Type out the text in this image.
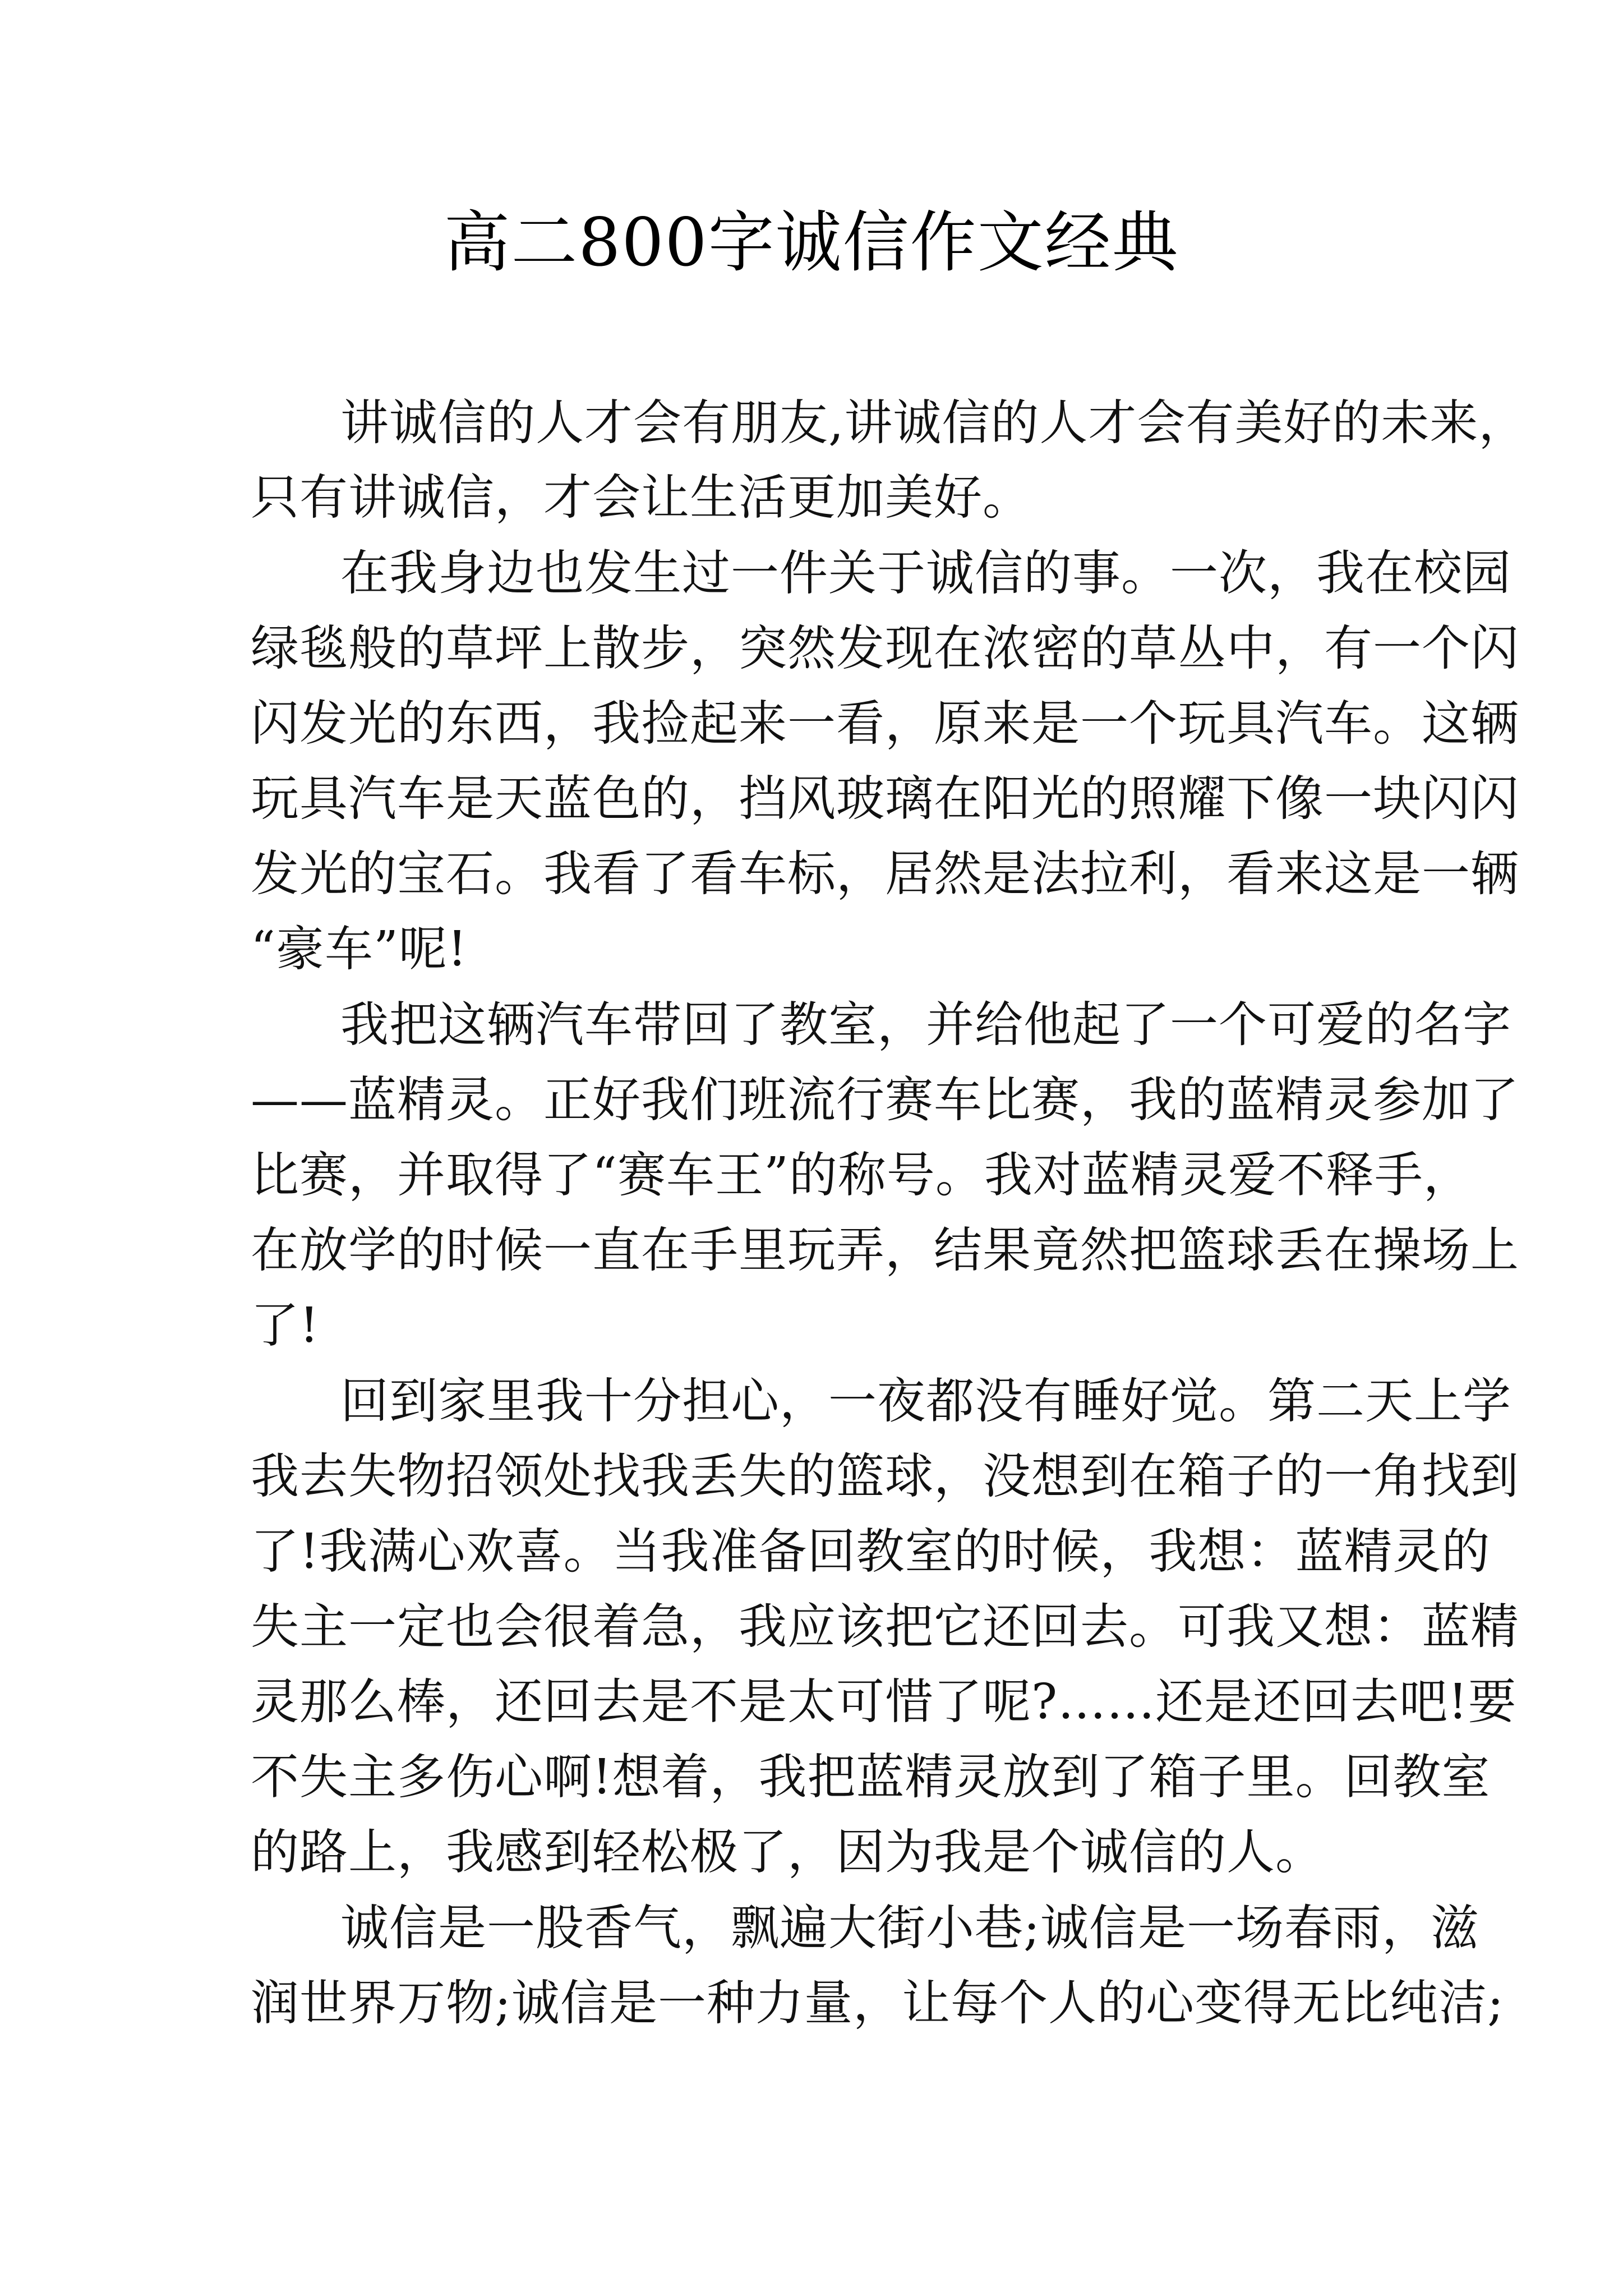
高二800字诚信作文经典
讲诚信的人才会有朋友,讲诚信的人才会有美好的未来，
只有讲诚信，才会让生活更加美好。
在我身边也发生过一件关于诚信的事。一次，我在校园
绿毯般的草坪上散步，突然发现在浓密的草丛中，有一个闪
闪发光的东西，我捡起来一看，原来是一个玩具汽车。这辆
玩具汽车是天蓝色的，挡风玻璃在阳光的照耀下像一块闪闪
发光的宝石。我看了看车标，居然是法拉利，看来这是一辆
“豪车”呢!
我把这辆汽车带回了教室，并给他起了一个可爱的名字
——蓝精灵。正好我们班流行赛车比赛，我的蓝精灵参加了
比赛，并取得了“赛车王”的称号。我对蓝精灵爱不释手，
在放学的时候一直在手里玩弄，结果竟然把篮球丢在操场上
了!
回到家里我十分担心，一夜都没有睡好觉。第二天上学
我去失物招领处找我丢失的篮球，没想到在箱子的一角找到
了!我满心欢喜。当我准备回教室的时候，我想：蓝精灵的
失主一定也会很着急，我应该把它还回去。可我又想：蓝精
灵那么棒，还回去是不是太可惜了呢?……还是还回去吧!要
不失主多伤心啊!想着，我把蓝精灵放到了箱子里。回教室
的路上，我感到轻松极了，因为我是个诚信的人。
诚信是一股香气，飘遍大街小巷;诚信是一场春雨，滋
润世界万物;诚信是一种力量，让每个人的心变得无比纯洁;
